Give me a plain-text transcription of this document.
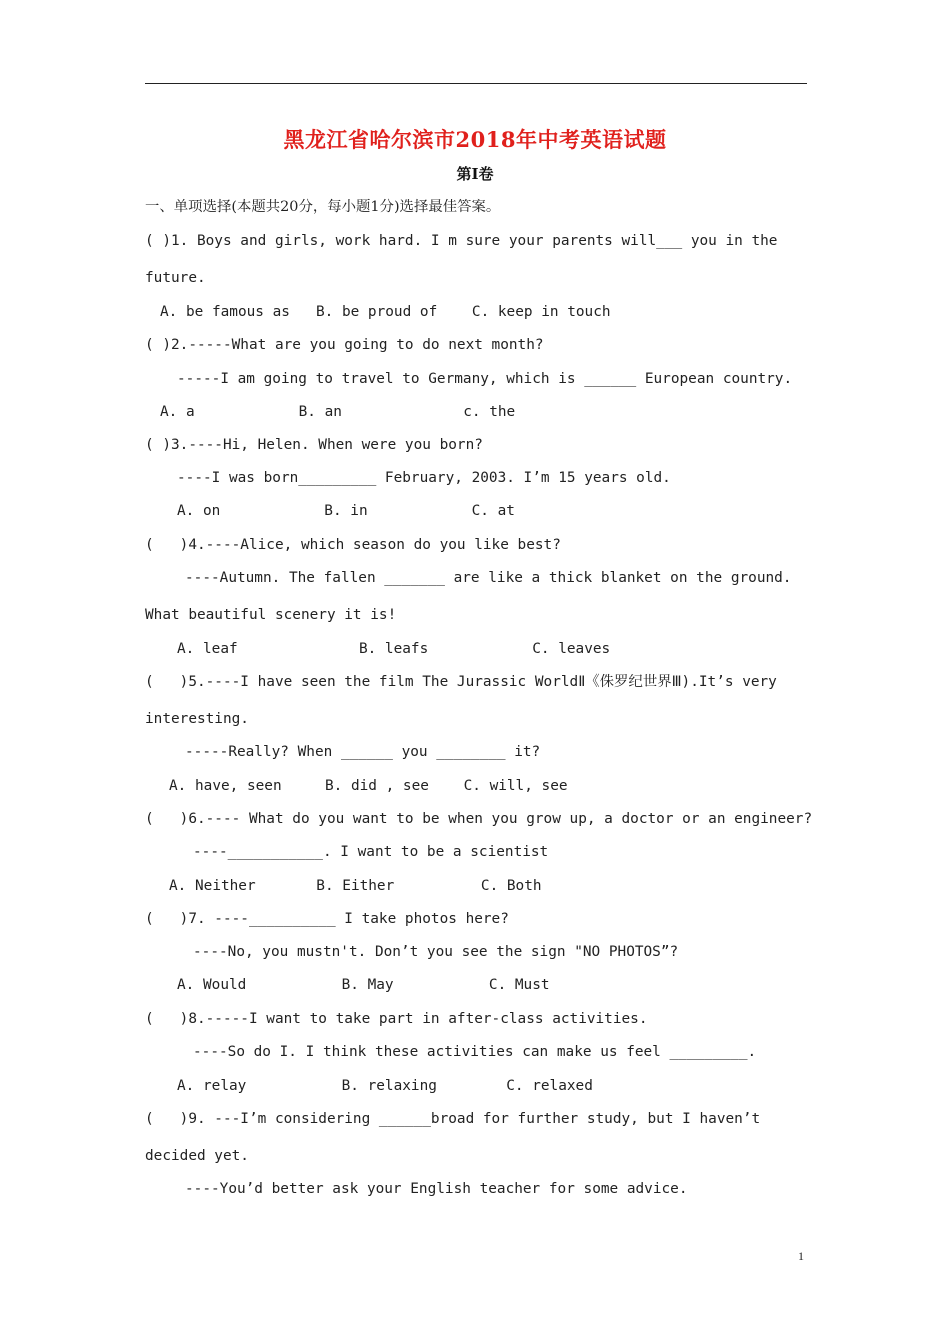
黑龙江省哈尔滨市2018年中考英语试题
第Ⅰ卷
一、单项选择(本题共20分，每小题1分)选择最佳答案。
( )1. Boys and girls, work hard. I m sure your parents will___ you in the
future.
A. be famous as   B. be proud of    C. keep in touch
( )2.-----What are you going to do next month?
-----I am going to travel to Germany, which is ______ European country.
A. a            B. an              c. the
( )3.----Hi, Helen. When were you born?
----I was born_________ February, 2003. I’m 15 years old.
A. on            B. in            C. at
(   )4.----Alice, which season do you like best?
----Autumn. The fallen _______ are like a thick blanket on the ground.
What beautiful scenery it is!
A. leaf              B. leafs            C. leaves
(   )5.----I have seen the film The Jurassic WorldⅡ《侏罗纪世界Ⅲ).It’s very
interesting.
-----Really? When ______ you ________ it?
A. have, seen     B. did , see    C. will, see
(   )6.---- What do you want to be when you grow up, a doctor or an engineer?
----___________. I want to be a scientist
A. Neither       B. Either          C. Both
(   )7. ----__________ I take photos here?
----No, you mustn't. Don’t you see the sign "NO PHOTOS”?
A. Would           B. May           C. Must
(   )8.-----I want to take part in after-class activities.
----So do I. I think these activities can make us feel _________.
A. relay           B. relaxing        C. relaxed
(   )9. ---I’m considering ______broad for further study, but I haven’t
decided yet.
----You’d better ask your English teacher for some advice.
1
